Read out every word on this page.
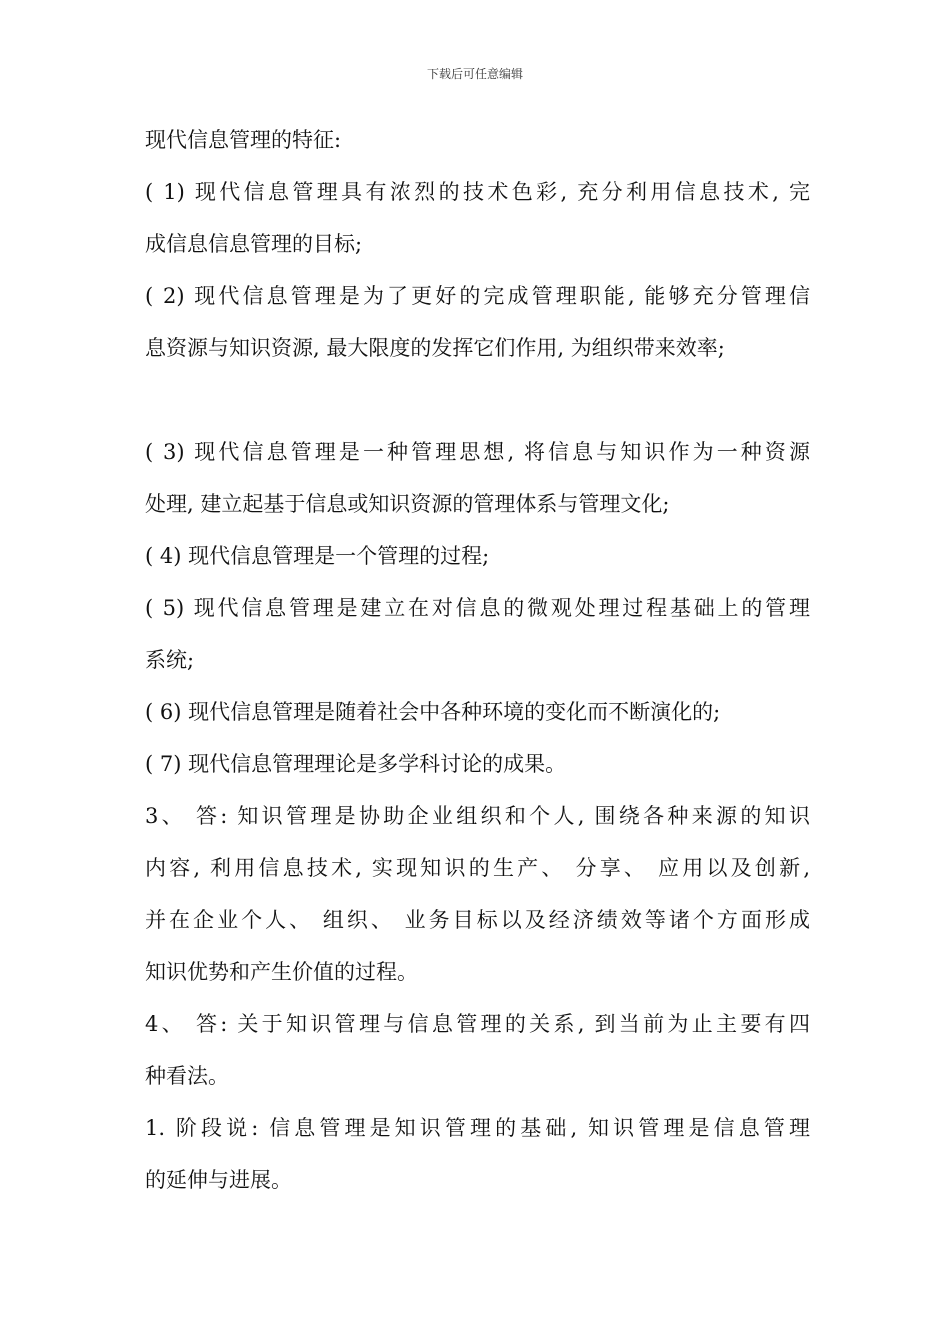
下载后可任意编辑
现代信息管理的特征:
( 1) 现代信息管理具有浓烈的技术色彩, 充分利用信息技术, 完
成信息信息管理的目标;
( 2) 现代信息管理是为了更好的完成管理职能, 能够充分管理信
息资源与知识资源, 最大限度的发挥它们作用, 为组织带来效率;
( 3) 现代信息管理是一种管理思想, 将信息与知识作为一种资源
处理, 建立起基于信息或知识资源的管理体系与管理文化;
( 4) 现代信息管理是一个管理的过程;
( 5) 现代信息管理是建立在对信息的微观处理过程基础上的管理
系统;
( 6) 现代信息管理是随着社会中各种环境的变化而不断演化的;
( 7) 现代信息管理理论是多学科讨论的成果。
3、 答: 知识管理是协助企业组织和个人, 围绕各种来源的知识
内容, 利用信息技术, 实现知识的生产、 分享、 应用以及创新,
并在企业个人、 组织、 业务目标以及经济绩效等诸个方面形成
知识优势和产生价值的过程。
4、 答: 关于知识管理与信息管理的关系, 到当前为止主要有四
种看法。
1. 阶段说: 信息管理是知识管理的基础, 知识管理是信息管理
的延伸与进展。
